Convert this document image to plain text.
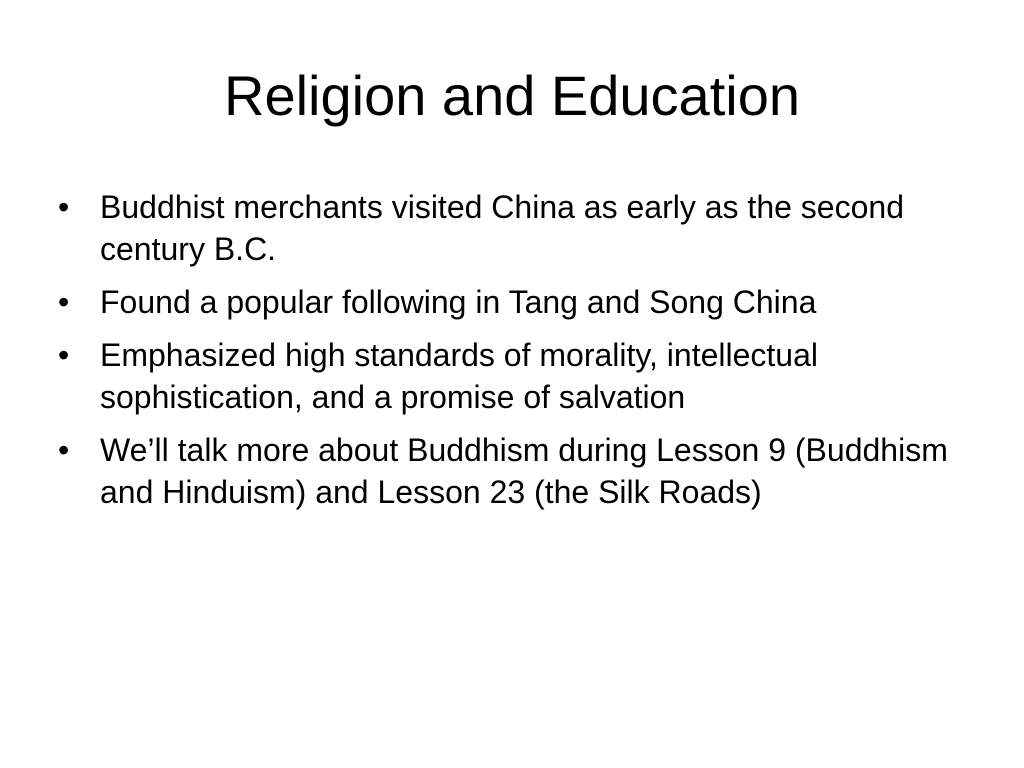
Religion and Education
• Buddhist merchants visited China as early as the second century B.C.
• Found a popular following in Tang and Song China
• Emphasized high standards of morality, intellectual sophistication, and a promise of salvation
• We’ll talk more about Buddhism during Lesson 9 (Buddhism and Hinduism) and Lesson 23 (the Silk Roads)
